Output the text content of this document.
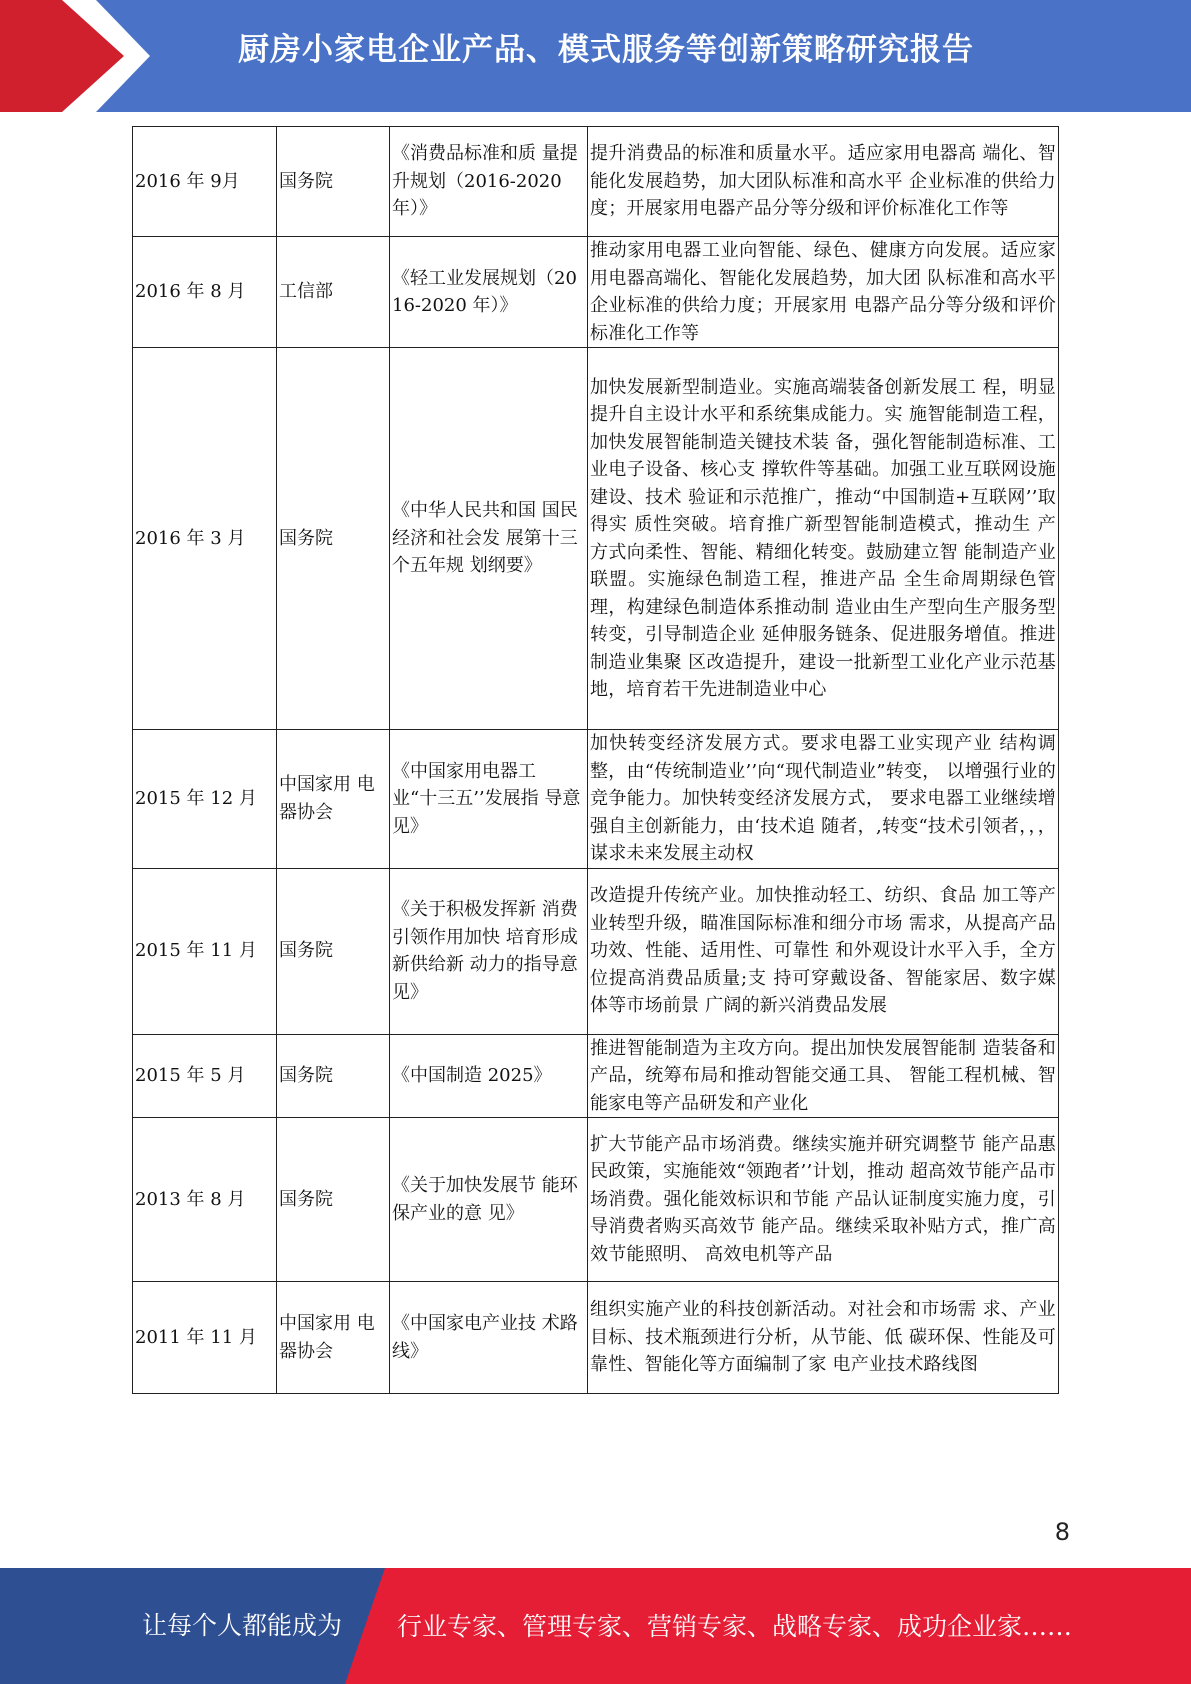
厨房小家电企业产品、模式服务等创新策略研究报告
2016 年 9月	国务院	《消费品标准和质 量提升规划（2016-2020 年）》	提升消费品的标准和质量水平。适应家用电器高 端化、智能化发展趋势，加大团队标准和高水平 企业标准的供给力度；开展家用电器产品分等分级和评价标准化工作等
2016 年 8 月	工信部	《轻工业发展规划（2016-2020 年）》	推动家用电器工业向智能、绿色、健康方向发展。适应家用电器高端化、智能化发展趋势，加大团 队标准和高水平企业标准的供给力度；开展家用 电器产品分等分级和评价标准化工作等
2016 年 3 月	国务院	《中华人民共和国 国民经济和社会发 展第十三个五年规 划纲要》	加快发展新型制造业。实施高端装备创新发展工 程，明显提升自主设计水平和系统集成能力。实 施智能制造工程，加快发展智能制造关键技术装 备，强化智能制造标准、工业电子设备、核心支 撑软件等基础。加强工业互联网设施建设、技术 验证和示范推广，推动“中国制造+互联网’’取得实 质性突破。培育推广新型智能制造模式，推动生 产方式向柔性、智能、精细化转变。鼓励建立智 能制造产业联盟。实施绿色制造工程，推进产品 全生命周期绿色管理，构建绿色制造体系推动制 造业由生产型向生产服务型转变，引导制造企业 延伸服务链条、促进服务增值。推进制造业集聚 区改造提升，建设一批新型工业化产业示范基地，培育若干先进制造业中心
2015 年 12 月	中国家用 电器协会	《中国家用电器工 业“十三五’’发展指 导意见》	加快转变经济发展方式。要求电器工业实现产业 结构调整，由“传统制造业’’向“现代制造业”转变， 以增强行业的竞争能力。加快转变经济发展方式， 要求电器工业继续增强自主创新能力，由‘技术追 随者，,转变“技术引领者，，，谋求未来发展主动权
2015 年 11 月	国务院	《关于积极发挥新 消费引领作用加快 培育形成新供给新 动力的指导意见》	改造提升传统产业。加快推动轻工、纺织、食品 加工等产业转型升级，瞄准国际标准和细分市场 需求，从提高产品功效、性能、适用性、可靠性 和外观设计水平入手，全方位提高消费品质量;支 持可穿戴设备、智能家居、数字媒体等市场前景 广阔的新兴消费品发展
2015 年 5 月	国务院	《中国制造 2025》	推进智能制造为主攻方向。提出加快发展智能制 造装备和产品，统筹布局和推动智能交通工具、 智能工程机械、智能家电等产品研发和产业化
2013 年 8 月	国务院	《关于加快发展节 能环保产业的意 见》	扩大节能产品市场消费。继续实施并研究调整节 能产品惠民政策，实施能效“领跑者’’计划，推动 超高效节能产品市场消费。强化能效标识和节能 产品认证制度实施力度，引导消费者购买高效节 能产品。继续采取补贴方式，推广高效节能照明、 高效电机等产品
2011 年 11 月	中国家用 电器协会	《中国家电产业技 术路线》	组织实施产业的科技创新活动。对社会和市场需 求、产业目标、技术瓶颈进行分析，从节能、低 碳环保、性能及可靠性、智能化等方面编制了家 电产业技术路线图
8
让每个人都能成为 行业专家、管理专家、营销专家、战略专家、成功企业家……
